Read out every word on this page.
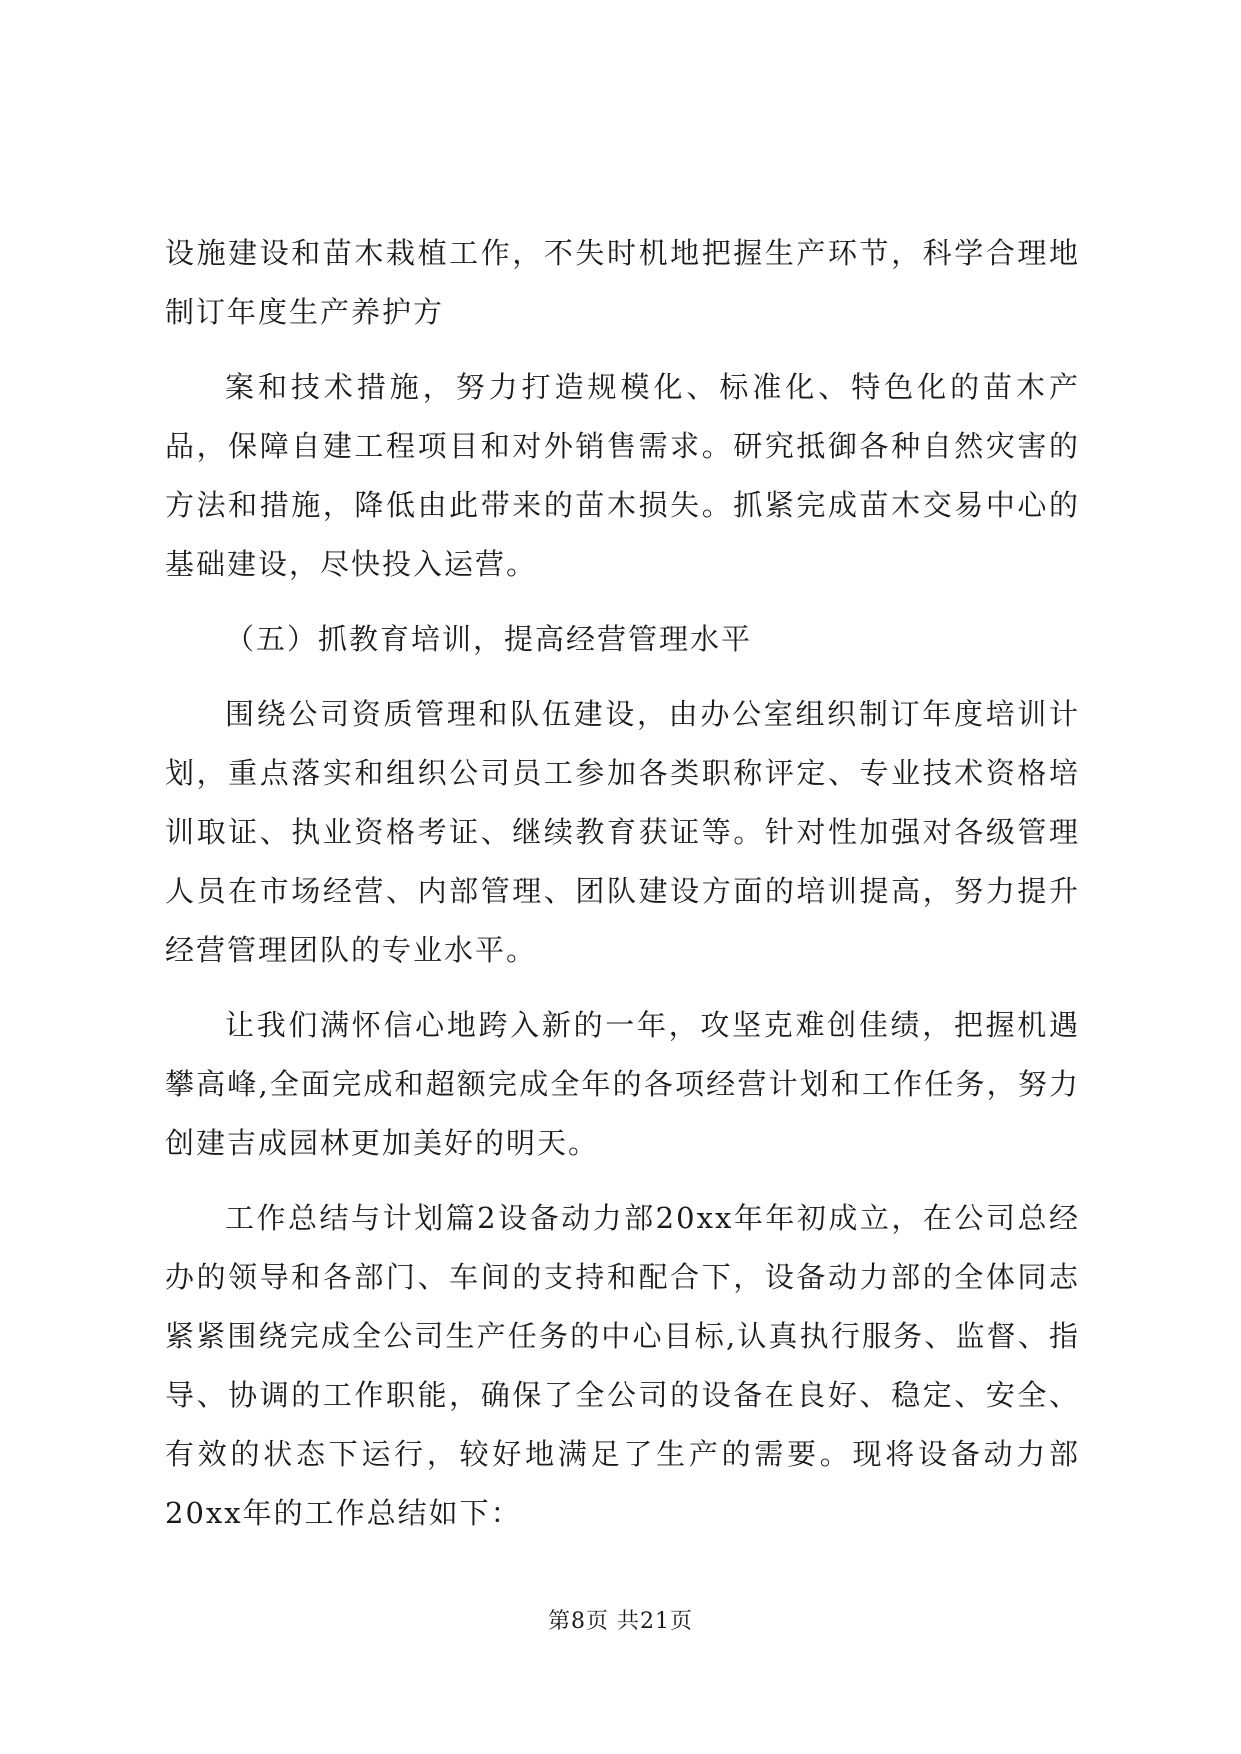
设施建设和苗木栽植工作，不失时机地把握生产环节，科学合理地制订年度生产养护方

案和技术措施，努力打造规模化、标准化、特色化的苗木产品，保障自建工程项目和对外销售需求。研究抵御各种自然灾害的方法和措施，降低由此带来的苗木损失。抓紧完成苗木交易中心的基础建设，尽快投入运营。

（五）抓教育培训，提高经营管理水平

围绕公司资质管理和队伍建设，由办公室组织制订年度培训计划，重点落实和组织公司员工参加各类职称评定、专业技术资格培训取证、执业资格考证、继续教育获证等。针对性加强对各级管理人员在市场经营、内部管理、团队建设方面的培训提高，努力提升经营管理团队的专业水平。

让我们满怀信心地跨入新的一年，攻坚克难创佳绩，把握机遇攀高峰,全面完成和超额完成全年的各项经营计划和工作任务，努力创建吉成园林更加美好的明天。

工作总结与计划篇2设备动力部20xx年年初成立，在公司总经办的领导和各部门、车间的支持和配合下，设备动力部的全体同志紧紧围绕完成全公司生产任务的中心目标,认真执行服务、监督、指导、协调的工作职能，确保了全公司的设备在良好、稳定、安全、有效的状态下运行，较好地满足了生产的需要。现将设备动力部20xx年的工作总结如下：

第8页 共21页
